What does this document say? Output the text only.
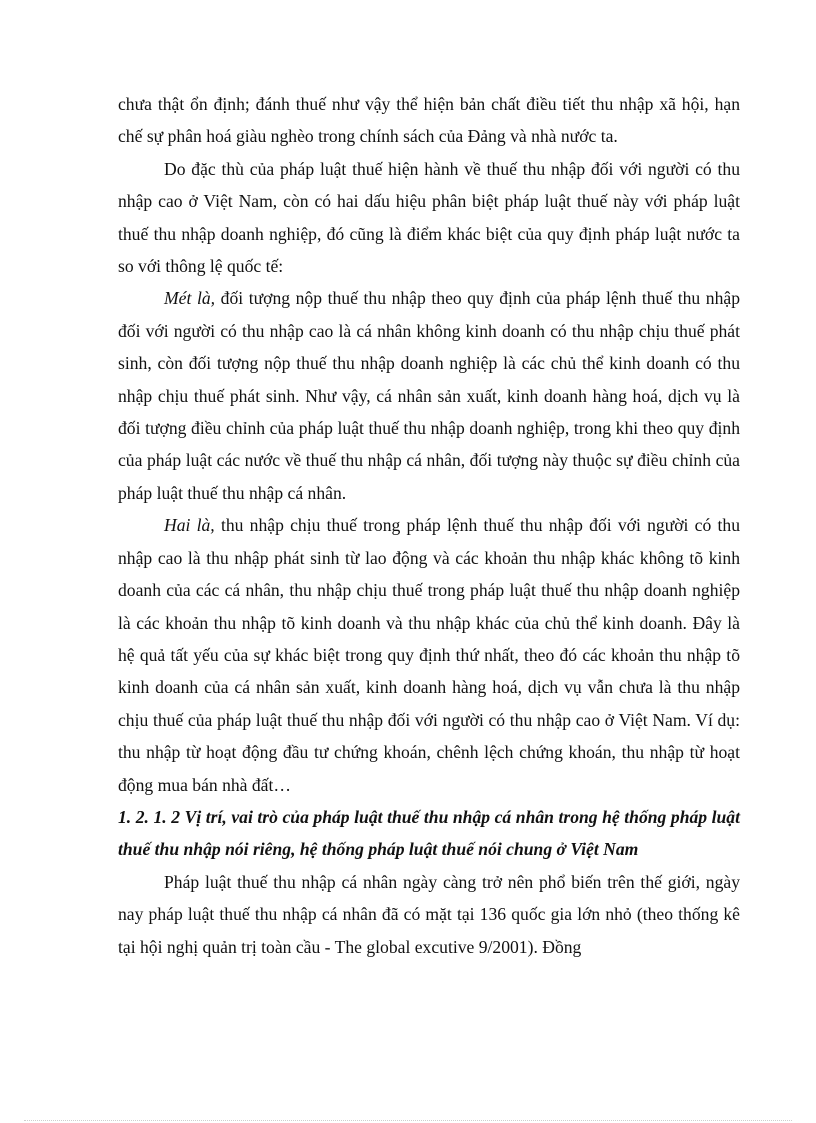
chưa thật ổn định; đánh thuế như vậy thể hiện bản chất điều tiết thu nhập xã hội, hạn chế sự phân hoá giàu nghèo trong chính sách của Đảng và nhà nước ta.

Do đặc thù của pháp luật thuế hiện hành về thuế thu nhập đối với người có thu nhập cao ở Việt Nam, còn có hai dấu hiệu phân biệt pháp luật thuế này với pháp luật thuế thu nhập doanh nghiệp, đó cũng là điểm khác biệt của quy định pháp luật nước ta so với thông lệ quốc tế:

Mét là, đối tượng nộp thuế thu nhập theo quy định của pháp lệnh thuế thu nhập đối với người có thu nhập cao là cá nhân không kinh doanh có thu nhập chịu thuế phát sinh, còn đối tượng nộp thuế thu nhập doanh nghiệp là các chủ thể kinh doanh có thu nhập chịu thuế phát sinh. Như vậy, cá nhân sản xuất, kinh doanh hàng hoá, dịch vụ là đối tượng điều chỉnh của pháp luật thuế thu nhập doanh nghiệp, trong khi theo quy định của pháp luật các nước về thuế thu nhập cá nhân, đối tượng này thuộc sự điều chỉnh của pháp luật thuế thu nhập cá nhân.

Hai là, thu nhập chịu thuế trong pháp lệnh thuế thu nhập đối với người có thu nhập cao là thu nhập phát sinh từ lao động và các khoản thu nhập khác không tõ kinh doanh của các cá nhân, thu nhập chịu thuế trong pháp luật thuế thu nhập doanh nghiệp là các khoản thu nhập tõ kinh doanh và thu nhập khác của chủ thể kinh doanh. Đây là hệ quả tất yếu của sự khác biệt trong quy định thứ nhất, theo đó các khoản thu nhập tõ kinh doanh của cá nhân sản xuất, kinh doanh hàng hoá, dịch vụ vẫn chưa là thu nhập chịu thuế của pháp luật thuế thu nhập đối với người có thu nhập cao ở Việt Nam. Ví dụ: thu nhập từ hoạt động đầu tư chứng khoán, chênh lệch chứng khoán, thu nhập từ hoạt động mua bán nhà đất…

1. 2. 1. 2 Vị trí, vai trò của pháp luật thuế thu nhập cá nhân trong hệ thống pháp luật thuế thu nhập nói riêng, hệ thống pháp luật thuế nói chung ở Việt Nam

Pháp luật thuế thu nhập cá nhân ngày càng trở nên phổ biến trên thế giới, ngày nay pháp luật thuế thu nhập cá nhân đã có mặt tại 136 quốc gia lớn nhỏ (theo thống kê tại hội nghị quản trị toàn cầu - The global excutive 9/2001). Đồng
